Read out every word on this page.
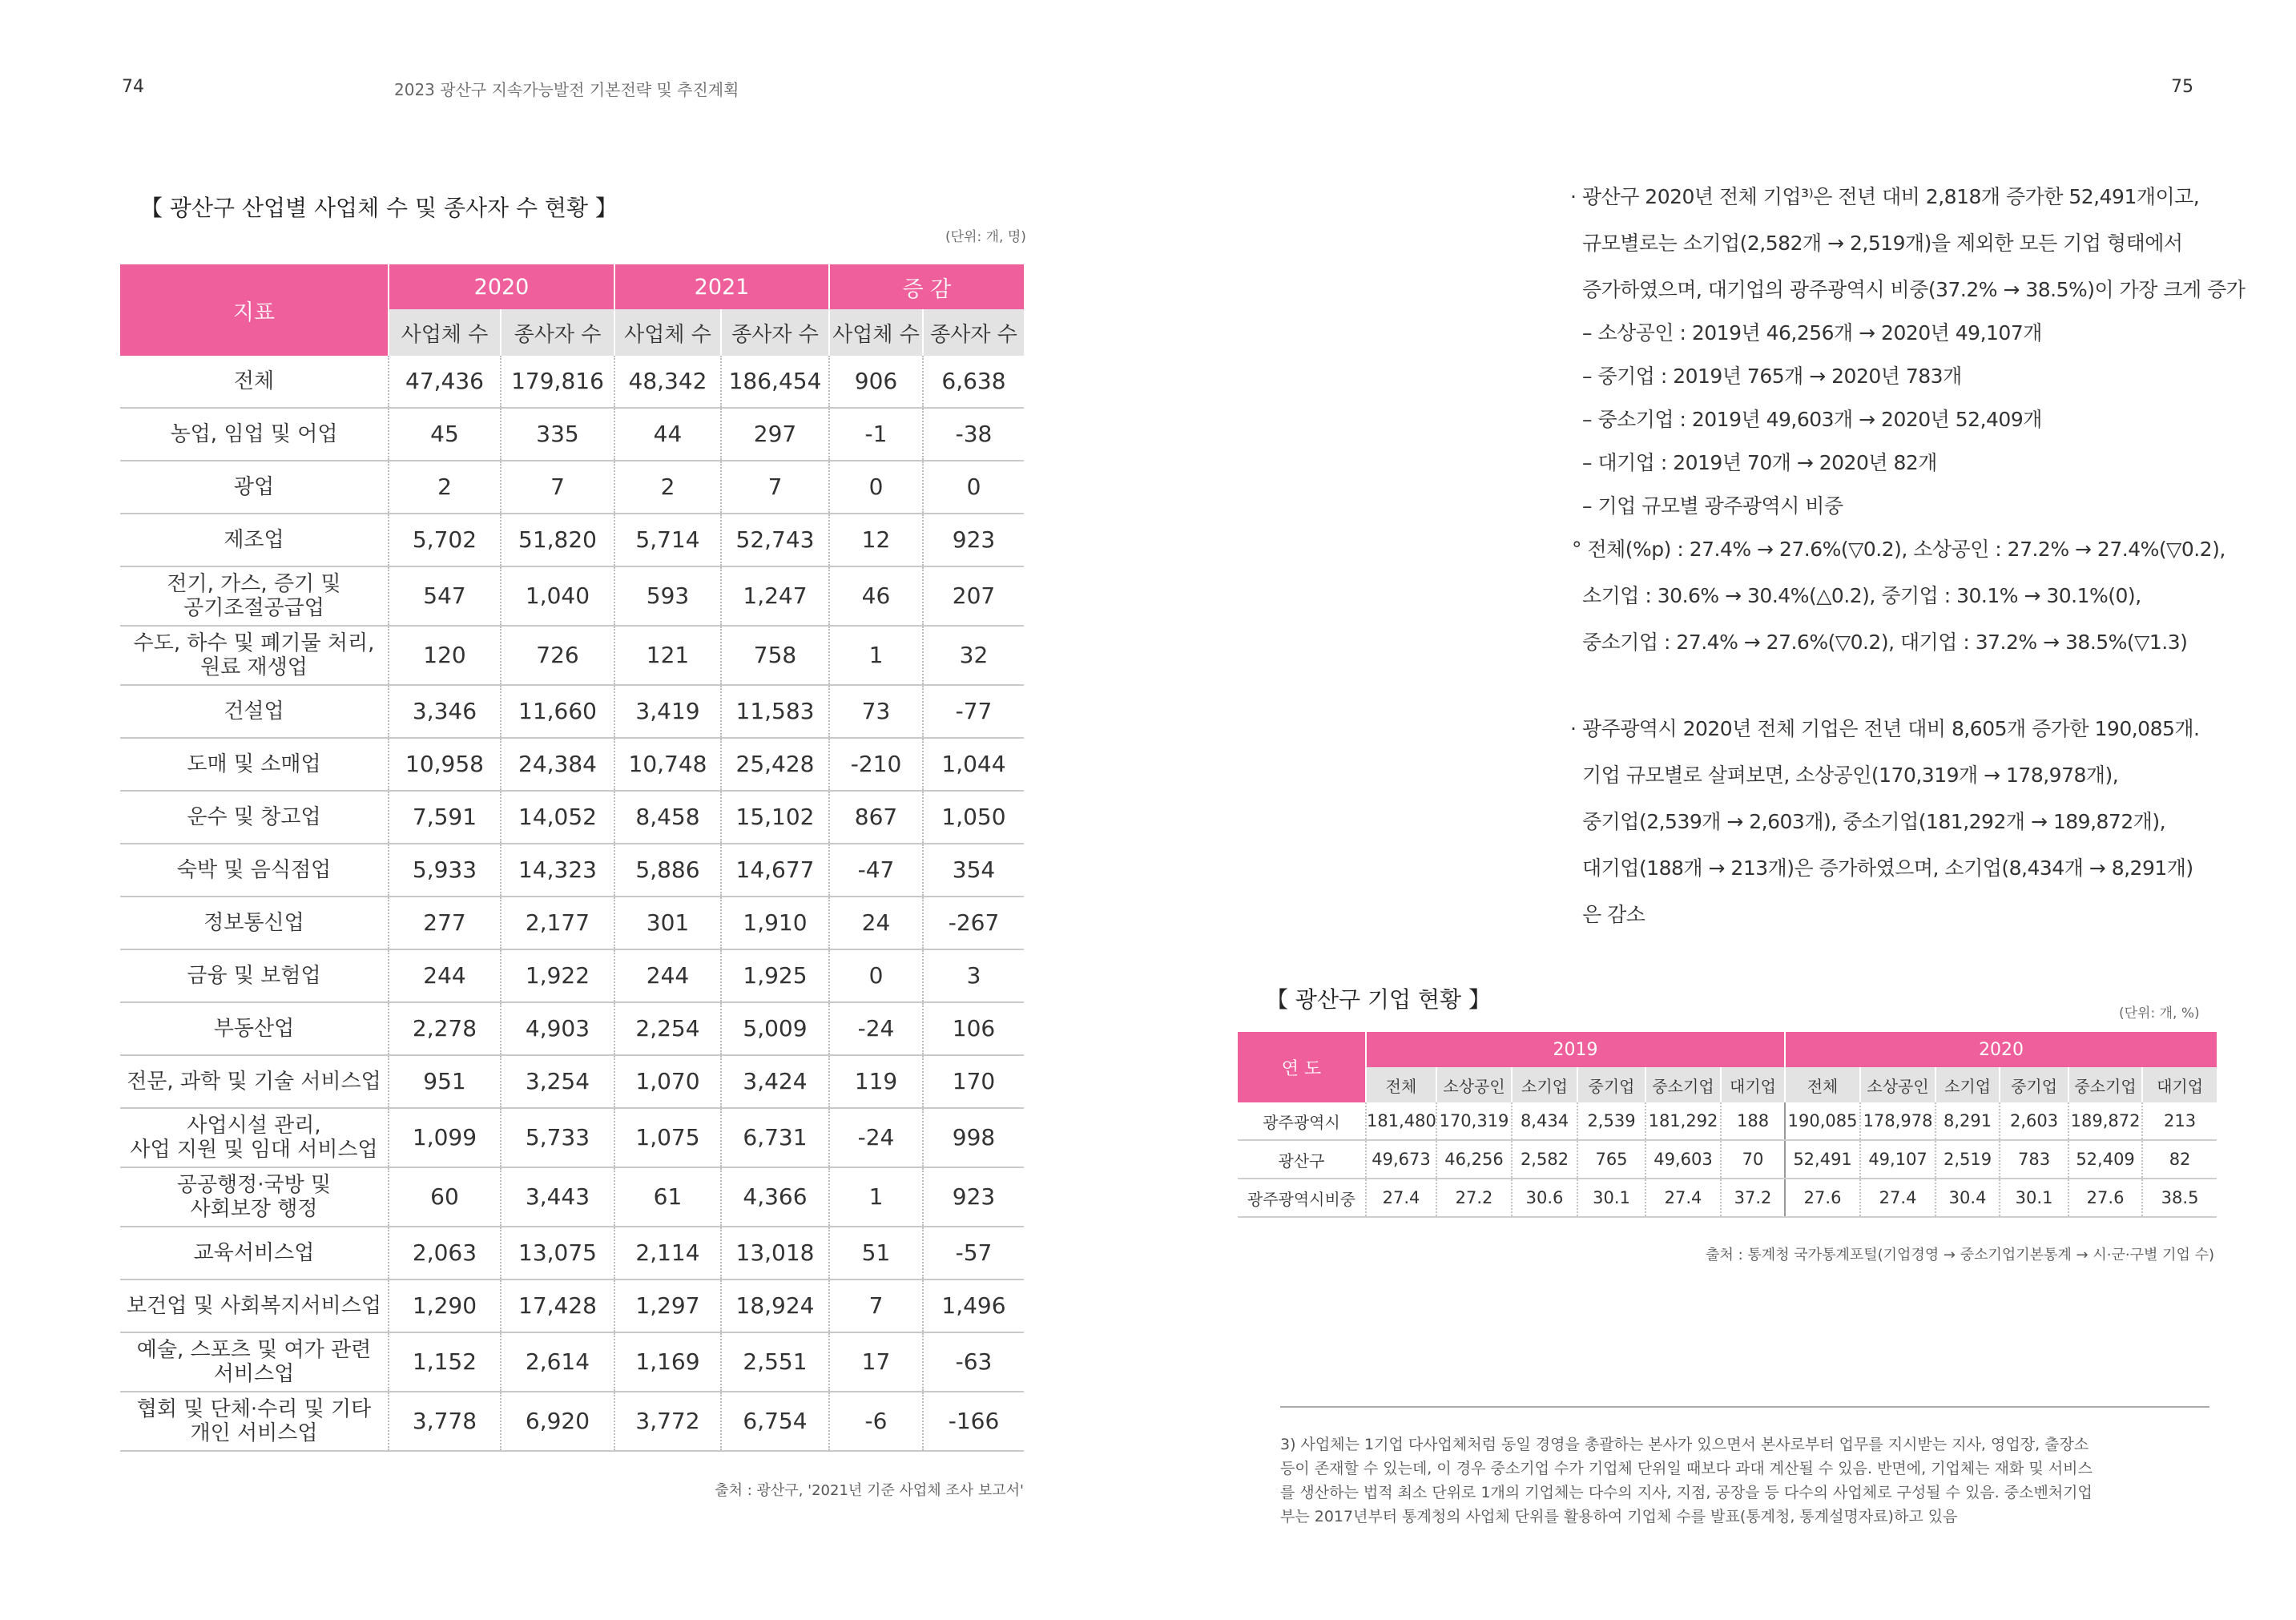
74	2023 광산구 지속가능발전 기본전략 및 추진계획	75
【 광산구 산업별 사업체 수 및 종사자 수 현황 】
(단위: 개, 명)
지표	2020		2021		증 감	
	사업체 수	종사자 수	사업체 수	종사자 수	사업체 수	종사자 수

전체	47,436	179,816	48,342	186,454	906	6,638

농업, 임업 및 어업	45	335	44	297	-1	-38

광업	2	7	2	7	0	0

제조업	5,702	51,820	5,714	52,743	12	923

전기, 가스, 증기 및
공기조절공급업	547	1,040	593	1,247	46	207

수도, 하수 및 폐기물 처리,
원료 재생업	120	726	121	758	1	32

건설업	3,346	11,660	3,419	11,583	73	-77

도매 및 소매업	10,958	24,384	10,748	25,428	-210	1,044

운수 및 창고업	7,591	14,052	8,458	15,102	867	1,050

숙박 및 음식점업	5,933	14,323	5,886	14,677	-47	354

정보통신업	277	2,177	301	1,910	24	-267

금융 및 보험업	244	1,922	244	1,925	0	3

부동산업	2,278	4,903	2,254	5,009	-24	106

전문, 과학 및 기술 서비스업	951	3,254	1,070	3,424	119	170

사업시설 관리,
사업 지원 및 임대 서비스업	1,099	5,733	1,075	6,731	-24	998

공공행정·국방 및
사회보장 행정	60	3,443	61	4,366	1	923

교육서비스업	2,063	13,075	2,114	13,018	51	-57

보건업 및 사회복지서비스업	1,290	17,428	1,297	18,924	7	1,496

예술, 스포츠 및 여가 관련
서비스업	1,152	2,614	1,169	2,551	17	-63

협회 및 단체·수리 및 기타
개인 서비스업	3,778	6,920	3,772	6,754	-6	-166
출처 : 광산구, '2021년 기준 사업체 조사 보고서'
· 광산구 2020년 전체 기업³⁾은 전년 대비 2,818개 증가한 52,491개이고,
규모별로는 소기업(2,582개 → 2,519개)을 제외한 모든 기업 형태에서
증가하였으며, 대기업의 광주광역시 비중(37.2% → 38.5%)이 가장 크게 증가
– 소상공인 : 2019년 46,256개 → 2020년 49,107개
– 중기업 : 2019년 765개 → 2020년 783개
– 중소기업 : 2019년 49,603개 → 2020년 52,409개
– 대기업 : 2019년 70개 → 2020년 82개
– 기업 규모별 광주광역시 비중
° 전체(%p) : 27.4% → 27.6%(▽0.2), 소상공인 : 27.2% → 27.4%(▽0.2),
소기업 : 30.6% → 30.4%(△0.2), 중기업 : 30.1% → 30.1%(0),
중소기업 : 27.4% → 27.6%(▽0.2), 대기업 : 37.2% → 38.5%(▽1.3)
· 광주광역시 2020년 전체 기업은 전년 대비 8,605개 증가한 190,085개.
기업 규모별로 살펴보면, 소상공인(170,319개 → 178,978개),
중기업(2,539개 → 2,603개), 중소기업(181,292개 → 189,872개),
대기업(188개 → 213개)은 증가하였으며, 소기업(8,434개 → 8,291개)
은 감소
【 광산구 기업 현황 】
(단위: 개, %)
연 도	2019						2020					
	전체	소상공인	소기업	중기업	중소기업	대기업	전체	소상공인	소기업	중기업	중소기업	대기업
광주광역시	181,480	170,319	8,434	2,539	181,292	188	190,085	178,978	8,291	2,603	189,872	213
광산구	49,673	46,256	2,582	765	49,603	70	52,491	49,107	2,519	783	52,409	82
광주광역시비중	27.4	27.2	30.6	30.1	27.4	37.2	27.6	27.4	30.4	30.1	27.6	38.5
출처 : 통계청 국가통계포털(기업경영 → 중소기업기본통계 → 시·군·구별 기업 수)
3) 사업체는 1기업 다사업체처럼 동일 경영을 총괄하는 본사가 있으면서 본사로부터 업무를 지시받는 지사, 영업장, 출장소
등이 존재할 수 있는데, 이 경우 중소기업 수가 기업체 단위일 때보다 과대 계산될 수 있음. 반면에, 기업체는 재화 및 서비스
를 생산하는 법적 최소 단위로 1개의 기업체는 다수의 지사, 지점, 공장을 등 다수의 사업체로 구성될 수 있음. 중소벤처기업
부는 2017년부터 통계청의 사업체 단위를 활용하여 기업체 수를 발표(통계청, 통계설명자료)하고 있음
